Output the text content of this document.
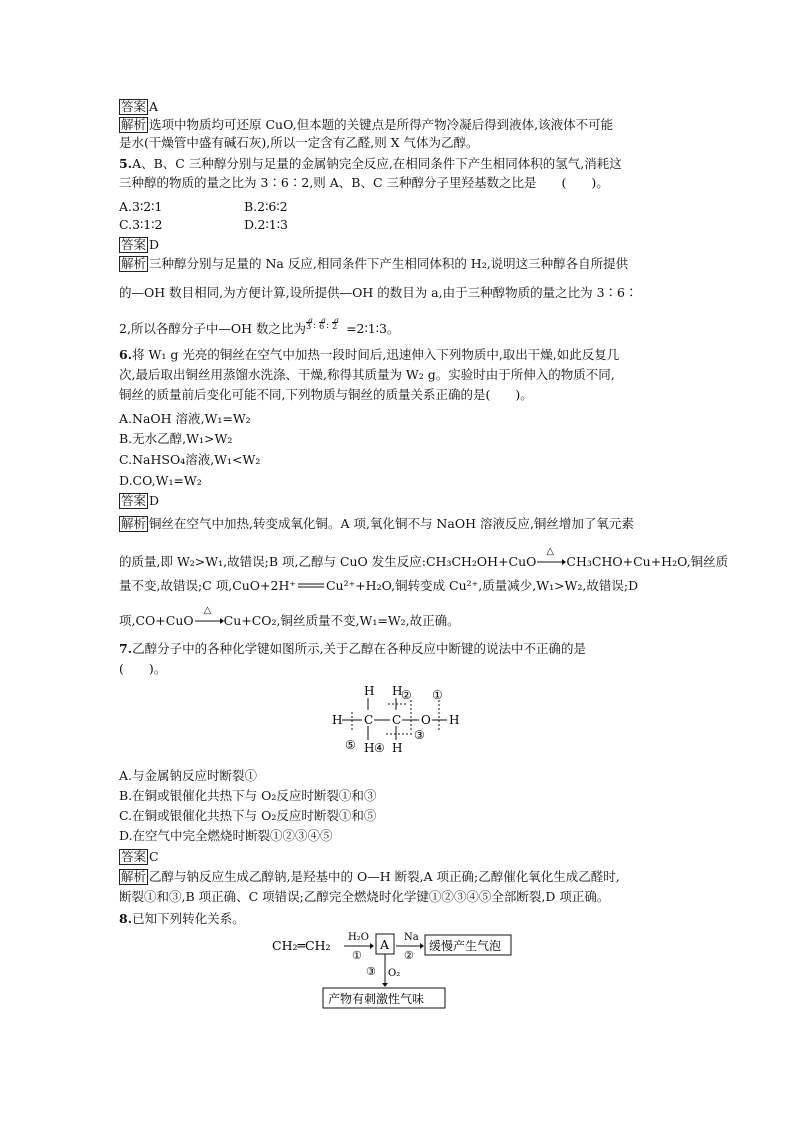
答案 A
解析 选项中物质均可还原 CuO,但本题的关键点是所得产物冷凝后得到液体,该液体不可能
是水(干燥管中盛有碱石灰),所以一定含有乙醛,则 X 气体为乙醇。
5.A、B、C 三种醇分别与足量的金属钠完全反应,在相同条件下产生相同体积的氢气,消耗这
三种醇的物质的量之比为 3∶6∶2,则 A、B、C 三种醇分子里羟基数之比是　　(　　)。
A.3∶2∶1	B.2∶6∶2
C.3∶1∶2	D.2∶1∶3
答案 D
解析 三种醇分别与足量的 Na 反应,相同条件下产生相同体积的 H₂,说明这三种醇各自所提供
的—OH 数目相同,为方便计算,设所提供—OH 的数目为 a,由于三种醇物质的量之比为 3∶6∶
2,所以各醇分子中—OH 数之比为
a
3 :
a
6 :
a
2 =2∶1∶3。
6.将 W₁ g 光亮的铜丝在空气中加热一段时间后,迅速伸入下列物质中,取出干燥,如此反复几
次,最后取出铜丝用蒸馏水洗涤、干燥,称得其质量为 W₂ g。实验时由于所伸入的物质不同,
铜丝的质量前后变化可能不同,下列物质与铜丝的质量关系正确的是(　　)。
A.NaOH 溶液,W₁=W₂
B.无水乙醇,W₁>W₂
C.NaHSO₄溶液,W₁<W₂
D.CO,W₁=W₂
答案 D
解析 铜丝在空气中加热,转变成氧化铜。A 项,氧化铜不与 NaOH 溶液反应,铜丝增加了氧元素
的质量,即 W₂>W₁,故错误;B 项,乙醇与 CuO 发生反应:CH₃CH₂OH+CuO
△
CH₃CHO+Cu+H₂O,铜丝质
量不变,故错误;C 项,CuO+2H⁺ Cu²⁺+H₂O,铜转变成 Cu²⁺,质量减少,W₁>W₂,故错误;D
项,CO+CuO
△
Cu+CO₂,铜丝质量不变,W₁=W₂,故正确。
7.乙醇分子中的各种化学键如图所示,关于乙醇在各种反应中断键的说法中不正确的是
(　　)。
H H
H C C O H
H H
② ①
③
⑤ ④
A.与金属钠反应时断裂①
B.在铜或银催化共热下与 O₂反应时断裂①和③
C.在铜或银催化共热下与 O₂反应时断裂①和⑤
D.在空气中完全燃烧时断裂①②③④⑤
答案 C
解析 乙醇与钠反应生成乙醇钠,是羟基中的 O—H 断裂,A 项正确;乙醇催化氧化生成乙醛时,
断裂①和③,B 项正确、C 项错误;乙醇完全燃烧时化学键①②③④⑤全部断裂,D 项正确。
8.已知下列转化关系。
CH₂═CH₂
H₂O
①
A Na
②
缓慢产生气泡
③ O₂
产物有刺激性气味
